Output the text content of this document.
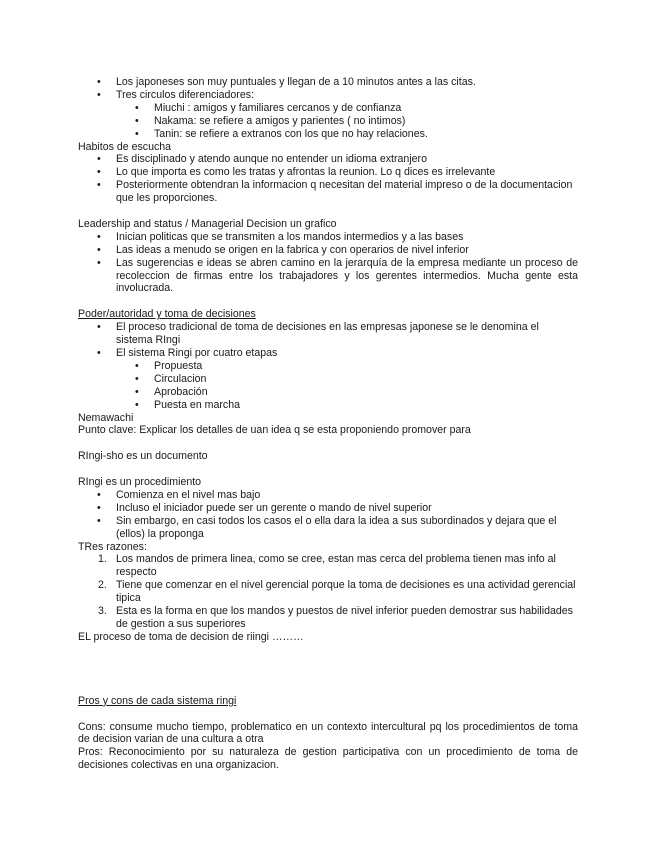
• Los japoneses son muy puntuales y llegan de a 10 minutos antes a las citas.
• Tres circulos diferenciadores:
• Miuchi : amigos y familiares cercanos y de confianza
• Nakama: se refiere a amigos y parientes ( no intimos)
• Tanin: se refiere a extranos con los que no hay relaciones.

Habitos de escucha

• Es disciplinado y atendo aunque no entender un idioma extranjero
• Lo que importa es como les tratas y afrontas la reunion. Lo q dices es irrelevante
• Posteriormente obtendran la informacion q necesitan del material impreso o de la documentacion que les proporciones.

Leadership and status / Managerial Decision un grafico

• Inician politicas que se transmiten a los mandos intermedios y a las bases
• Las ideas a menudo se origen en la fabrica y con operarios de nivel inferior
• Las sugerencias e ideas se abren camino en la jerarquía de la empresa mediante un proceso de recoleccion de firmas entre los trabajadores y los gerentes intermedios. Mucha gente esta involucrada.

Poder/autoridad y toma de decisiones

• El proceso tradicional de toma de decisiones en las empresas japonese se le denomina el sistema RIngi
• El sistema Ringi por cuatro etapas
• Propuesta
• Circulacion
• Aprobación
• Puesta en marcha

Nemawachi

Punto clave: Explicar los detalles de uan idea q se esta proponiendo promover para

RIngi-sho es un documento

RIngi es un procedimiento

• Comienza en el nivel mas bajo
• Incluso el iniciador puede ser un gerente o mando de nivel superior
• Sin embargo, en casi todos los casos el o ella dara la idea a sus subordinados y dejara que el (ellos) la proponga

TRes razones:

1. Los mandos de primera linea, como se cree, estan mas cerca del problema tienen mas info al respecto
2. Tiene que comenzar en el nivel gerencial porque la toma de decisiones es una actividad gerencial tipica
3. Esta es la forma en que los mandos y puestos de nivel inferior pueden demostrar sus habilidades de gestion a sus superiores

EL proceso de toma de decision de riingi ………

Pros y cons de cada sistema ringi

Cons: consume mucho tiempo, problematico en un contexto intercultural pq los procedimientos de toma de decision varian de una cultura a otra

Pros: Reconocimiento por su naturaleza de gestion participativa con un procedimiento de toma de decisiones colectivas en una organizacion.
